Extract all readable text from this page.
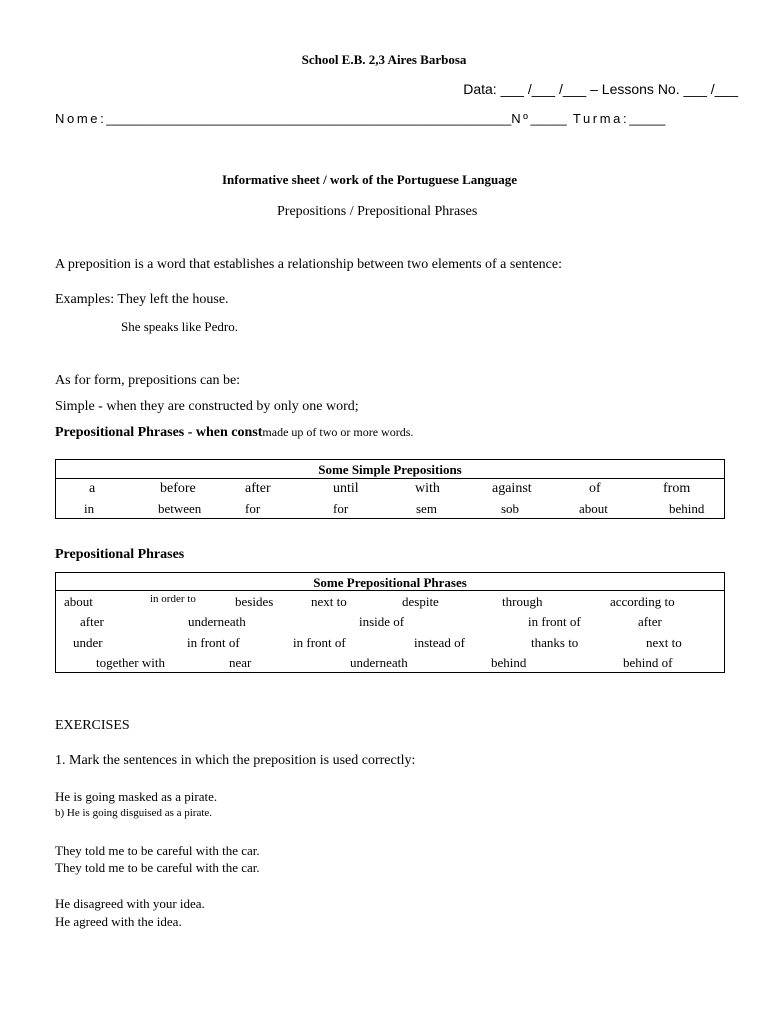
School E.B. 2,3 Aires Barbosa
Data: ___ /___ /___ – Lessons No. ___ /___
Nome:________________________________________________________Nº_____ Turma:_____
Informative sheet / work of the Portuguese Language
Prepositions / Prepositional Phrases
A preposition is a word that establishes a relationship between two elements of a sentence:
Examples: They left the house.
She speaks like Pedro.
As for form, prepositions can be:
Simple - when they are constructed by only one word;
Prepositional Phrases - when constmade up of two or more words.
Some Simple Prepositions
a	before	after	until	with	against	of	from
in	between	for	for	sem	sob	about	behind
Prepositional Phrases
Some Prepositional Phrases
about	in order to	besides	next to	despite	through	according to
after	underneath	inside of	in front of	after
under	in front of	in front of	instead of	thanks to	next to
together with	near	underneath	behind	behind of
EXERCISES
1. Mark the sentences in which the preposition is used correctly:
He is going masked as a pirate.
b) He is going disguised as a pirate.
They told me to be careful with the car.
They told me to be careful with the car.
He disagreed with your idea.
He agreed with the idea.
